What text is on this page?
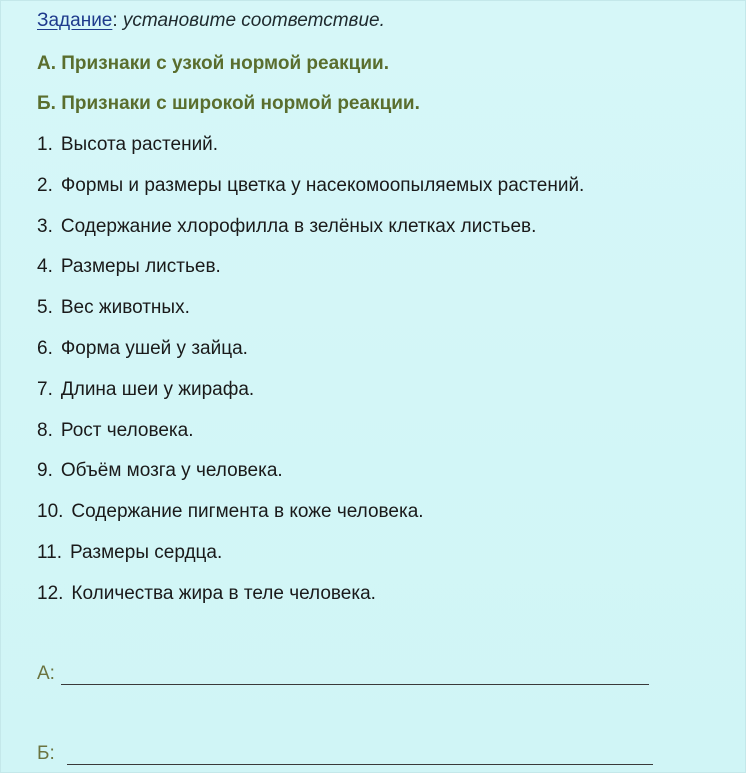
Задание: установите соответствие.
А. Признаки с узкой нормой реакции.
Б. Признаки с широкой нормой реакции.
1. Высота растений.
2. Формы и размеры цветка у насекомоопыляемых растений.
3. Содержание хлорофилла в зелёных клетках листьев.
4. Размеры листьев.
5. Вес животных.
6. Форма ушей у зайца.
7. Длина шеи у жирафа.
8. Рост человека.
9. Объём мозга у человека.
10. Содержание пигмента в коже человека.
11. Размеры сердца.
12. Количества жира в теле человека.
А:
Б:
